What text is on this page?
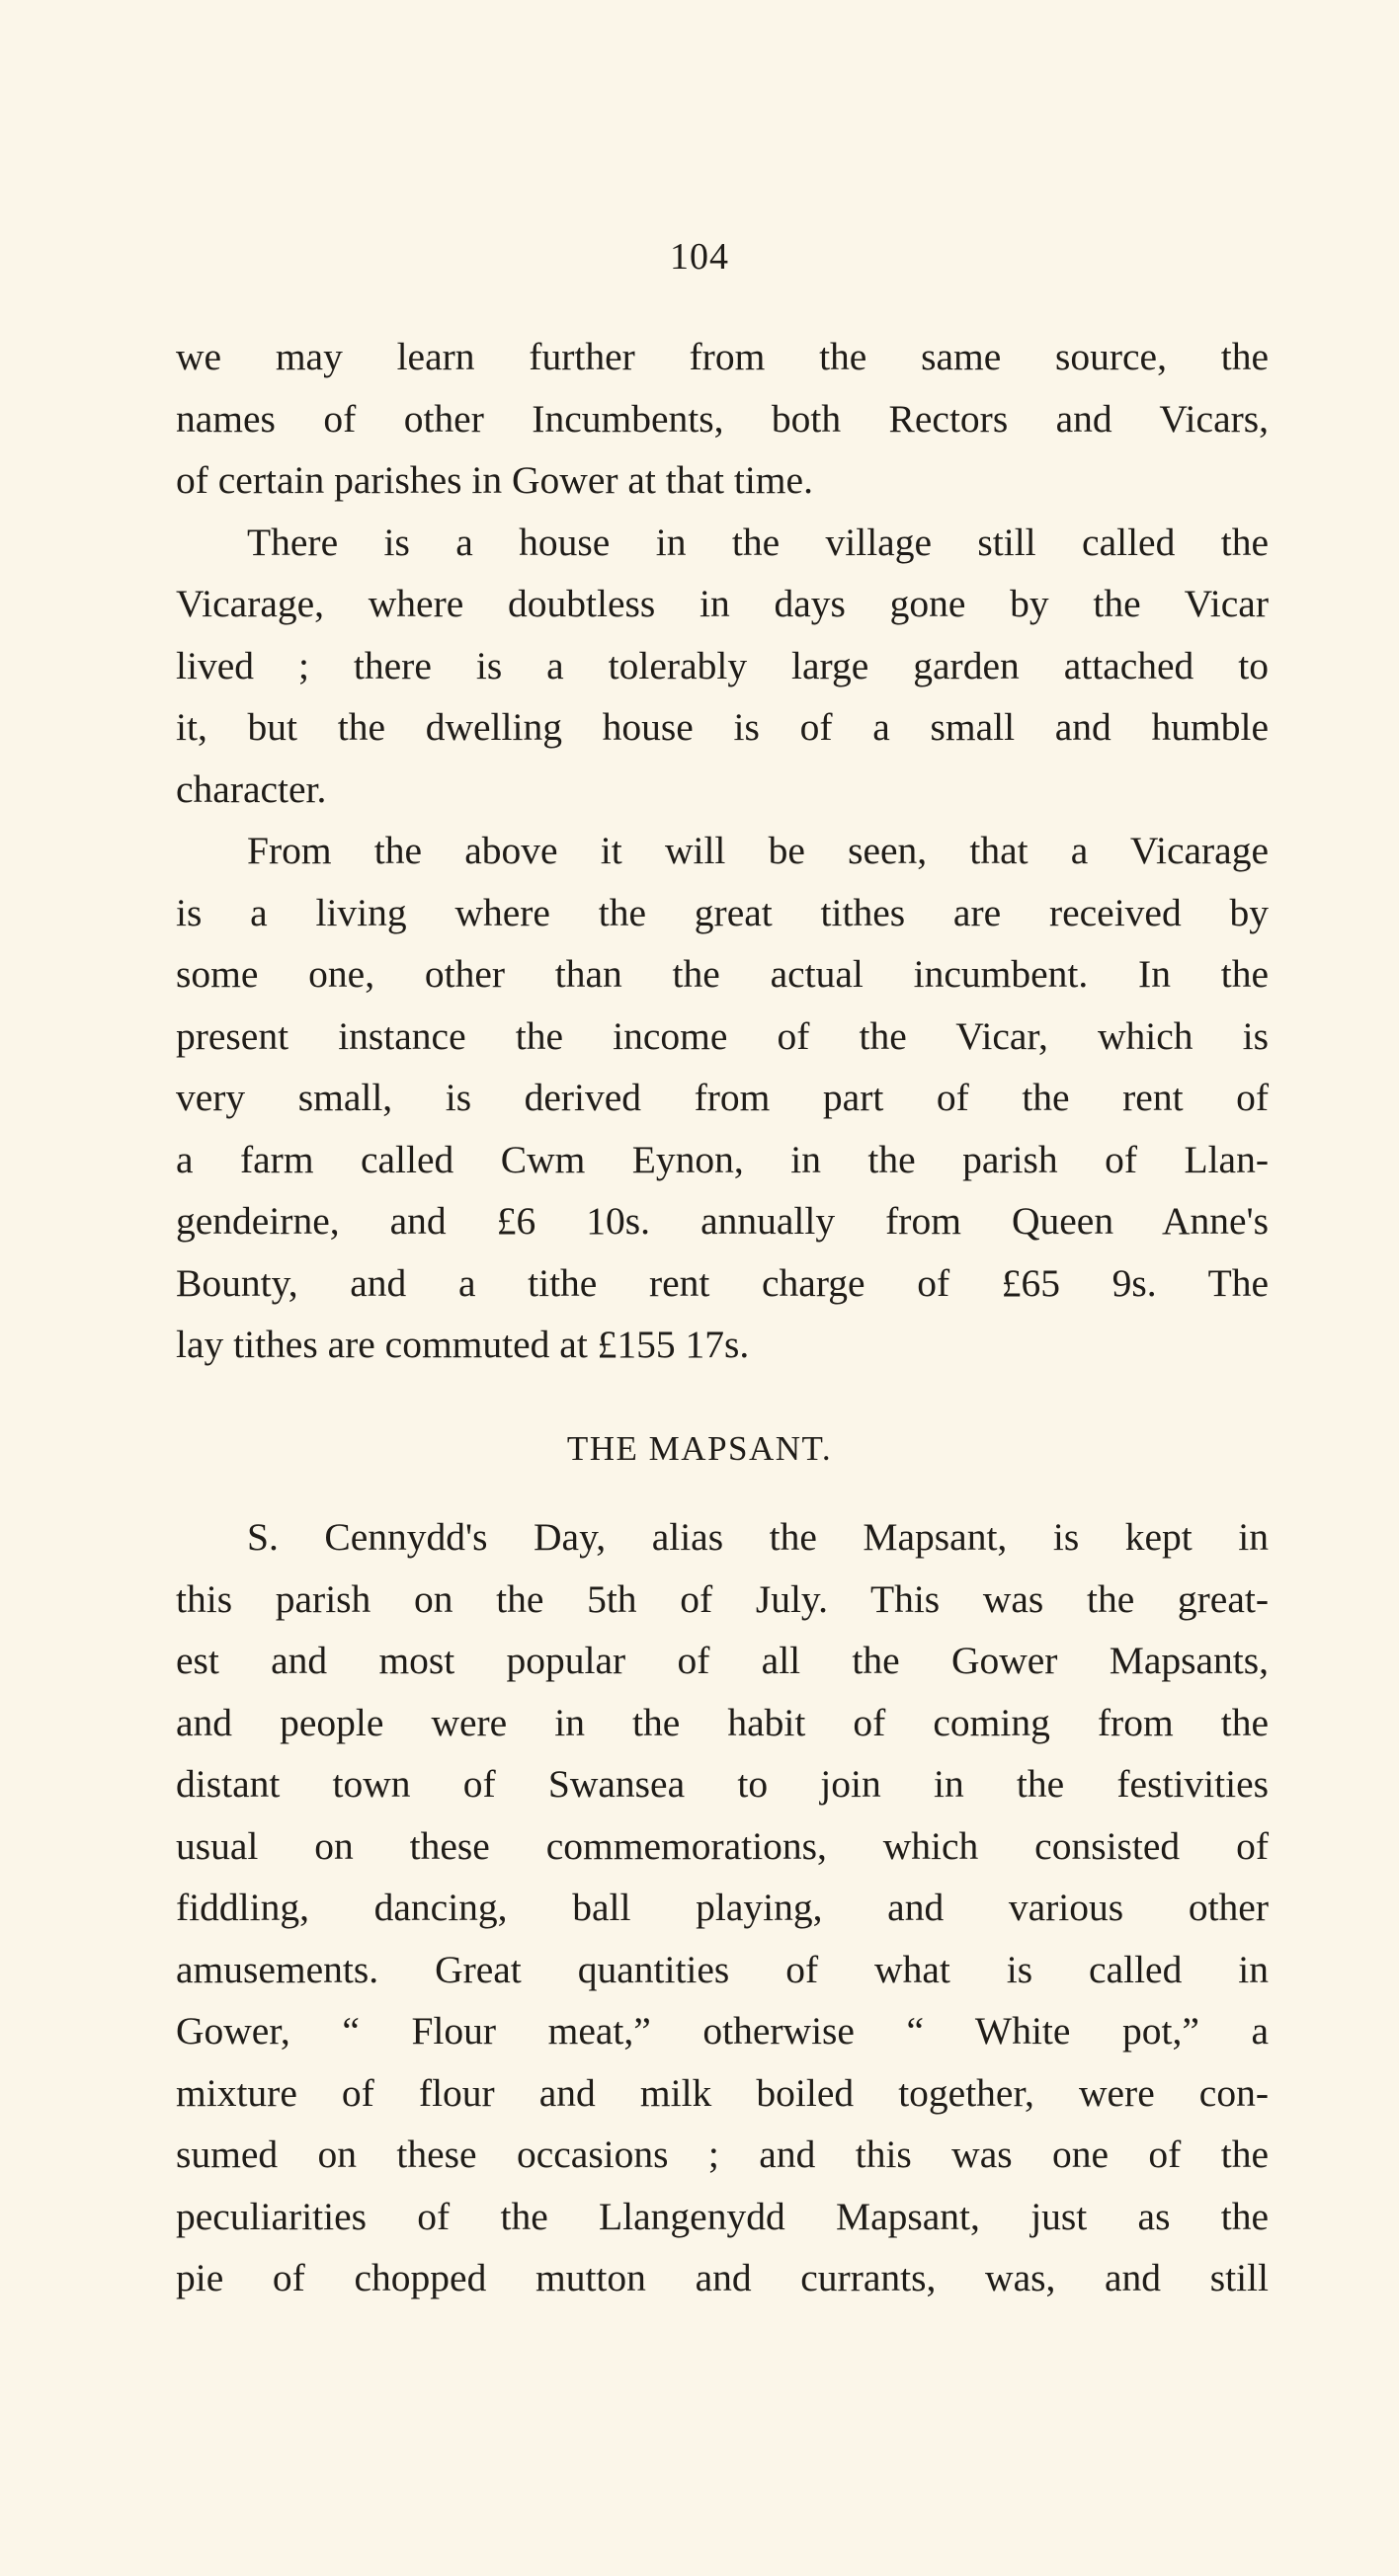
104
we may learn further from the same source, the
names of other Incumbents, both Rectors and Vicars,
of certain parishes in Gower at that time.
There is a house in the village still called the
Vicarage, where doubtless in days gone by the Vicar
lived ; there is a tolerably large garden attached to
it, but the dwelling house is of a small and humble
character.
From the above it will be seen, that a Vicarage
is a living where the great tithes are received by
some one, other than the actual incumbent. In the
present instance the income of the Vicar, which is
very small, is derived from part of the rent of
a farm called Cwm Eynon, in the parish of Llan-
gendeirne, and £6 10s. annually from Queen Anne's
Bounty, and a tithe rent charge of £65 9s. The
lay tithes are commuted at £155 17s.
THE MAPSANT.
S. Cennydd's Day, alias the Mapsant, is kept in
this parish on the 5th of July. This was the great-
est and most popular of all the Gower Mapsants,
and people were in the habit of coming from the
distant town of Swansea to join in the festivities
usual on these commemorations, which consisted of
fiddling, dancing, ball playing, and various other
amusements. Great quantities of what is called in
Gower, “ Flour meat,” otherwise “ White pot,” a
mixture of flour and milk boiled together, were con-
sumed on these occasions ; and this was one of the
peculiarities of the Llangenydd Mapsant, just as the
pie of chopped mutton and currants, was, and still
